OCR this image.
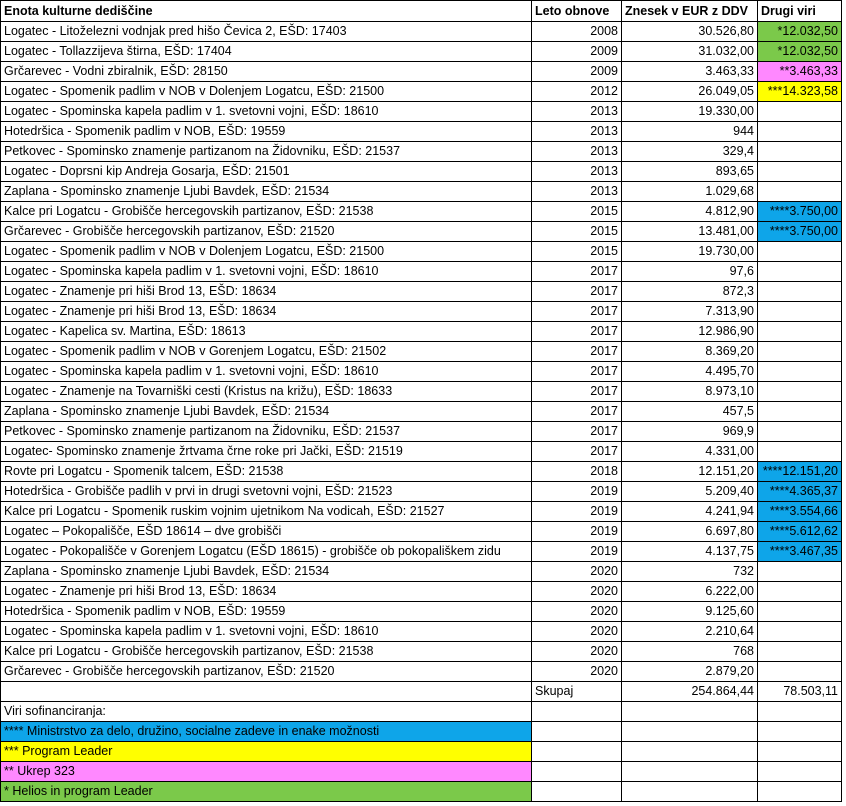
Enota kulturne dediščine	Leto obnove	Znesek v EUR z DDV	Drugi viri
Logatec - Litoželezni vodnjak pred hišo Čevica 2, EŠD: 17403	2008	30.526,80	*12.032,50
Logatec - Tollazzijeva štirna, EŠD: 17404	2009	31.032,00	*12.032,50
Grčarevec - Vodni zbiralnik, EŠD: 28150	2009	3.463,33	**3.463,33
Logatec - Spomenik padlim v NOB v Dolenjem Logatcu, EŠD: 21500	2012	26.049,05	***14.323,58
Logatec - Spominska kapela padlim v 1. svetovni vojni, EŠD: 18610	2013	19.330,00	
Hotedršica - Spomenik padlim v NOB, EŠD: 19559	2013	944	
Petkovec - Spominsko znamenje partizanom na Židovniku, EŠD: 21537	2013	329,4	
Logatec - Doprsni kip Andreja Gosarja, EŠD: 21501	2013	893,65	
Zaplana - Spominsko znamenje Ljubi Bavdek, EŠD: 21534	2013	1.029,68	
Kalce pri Logatcu - Grobišče hercegovskih partizanov, EŠD: 21538	2015	4.812,90	****3.750,00
Grčarevec - Grobišče hercegovskih partizanov, EŠD: 21520	2015	13.481,00	****3.750,00
Logatec - Spomenik padlim v NOB v Dolenjem Logatcu, EŠD: 21500	2015	19.730,00	
Logatec - Spominska kapela padlim v 1. svetovni vojni, EŠD: 18610	2017	97,6	
Logatec - Znamenje pri hiši Brod 13, EŠD: 18634	2017	872,3	
Logatec - Znamenje pri hiši Brod 13, EŠD: 18634	2017	7.313,90	
Logatec - Kapelica sv. Martina, EŠD: 18613	2017	12.986,90	
Logatec - Spomenik padlim v NOB v Gorenjem Logatcu, EŠD: 21502	2017	8.369,20	
Logatec - Spominska kapela padlim v 1. svetovni vojni, EŠD: 18610	2017	4.495,70	
Logatec - Znamenje na Tovarniški cesti (Kristus na križu), EŠD: 18633	2017	8.973,10	
Zaplana - Spominsko znamenje Ljubi Bavdek, EŠD: 21534	2017	457,5	
Petkovec - Spominsko znamenje partizanom na Židovniku, EŠD: 21537	2017	969,9	
Logatec- Spominsko znamenje žrtvama črne roke pri Jački, EŠD: 21519	2017	4.331,00	
Rovte pri Logatcu - Spomenik talcem, EŠD: 21538	2018	12.151,20	****12.151,20
Hotedršica - Grobišče padlih v prvi in drugi svetovni vojni, EŠD: 21523	2019	5.209,40	****4.365,37
Kalce pri Logatcu - Spomenik ruskim vojnim ujetnikom Na vodicah, EŠD: 21527	2019	4.241,94	****3.554,66
Logatec – Pokopališče, EŠD 18614 – dve grobišči	2019	6.697,80	****5.612,62
Logatec - Pokopališče v Gorenjem Logatcu (EŠD 18615) - grobišče ob pokopališkem zidu	2019	4.137,75	****3.467,35
Zaplana - Spominsko znamenje Ljubi Bavdek, EŠD: 21534	2020	732	
Logatec - Znamenje pri hiši Brod 13, EŠD: 18634	2020	6.222,00	
Hotedršica - Spomenik padlim v NOB, EŠD: 19559	2020	9.125,60	
Logatec - Spominska kapela padlim v 1. svetovni vojni, EŠD: 18610	2020	2.210,64	
Kalce pri Logatcu - Grobišče hercegovskih partizanov, EŠD: 21538	2020	768	
Grčarevec - Grobišče hercegovskih partizanov, EŠD: 21520	2020	2.879,20	
	Skupaj	254.864,44	78.503,11
Viri sofinanciranja:			
**** Ministrstvo za delo, družino, socialne zadeve in enake možnosti			
*** Program Leader			
** Ukrep 323			
* Helios in program Leader			
